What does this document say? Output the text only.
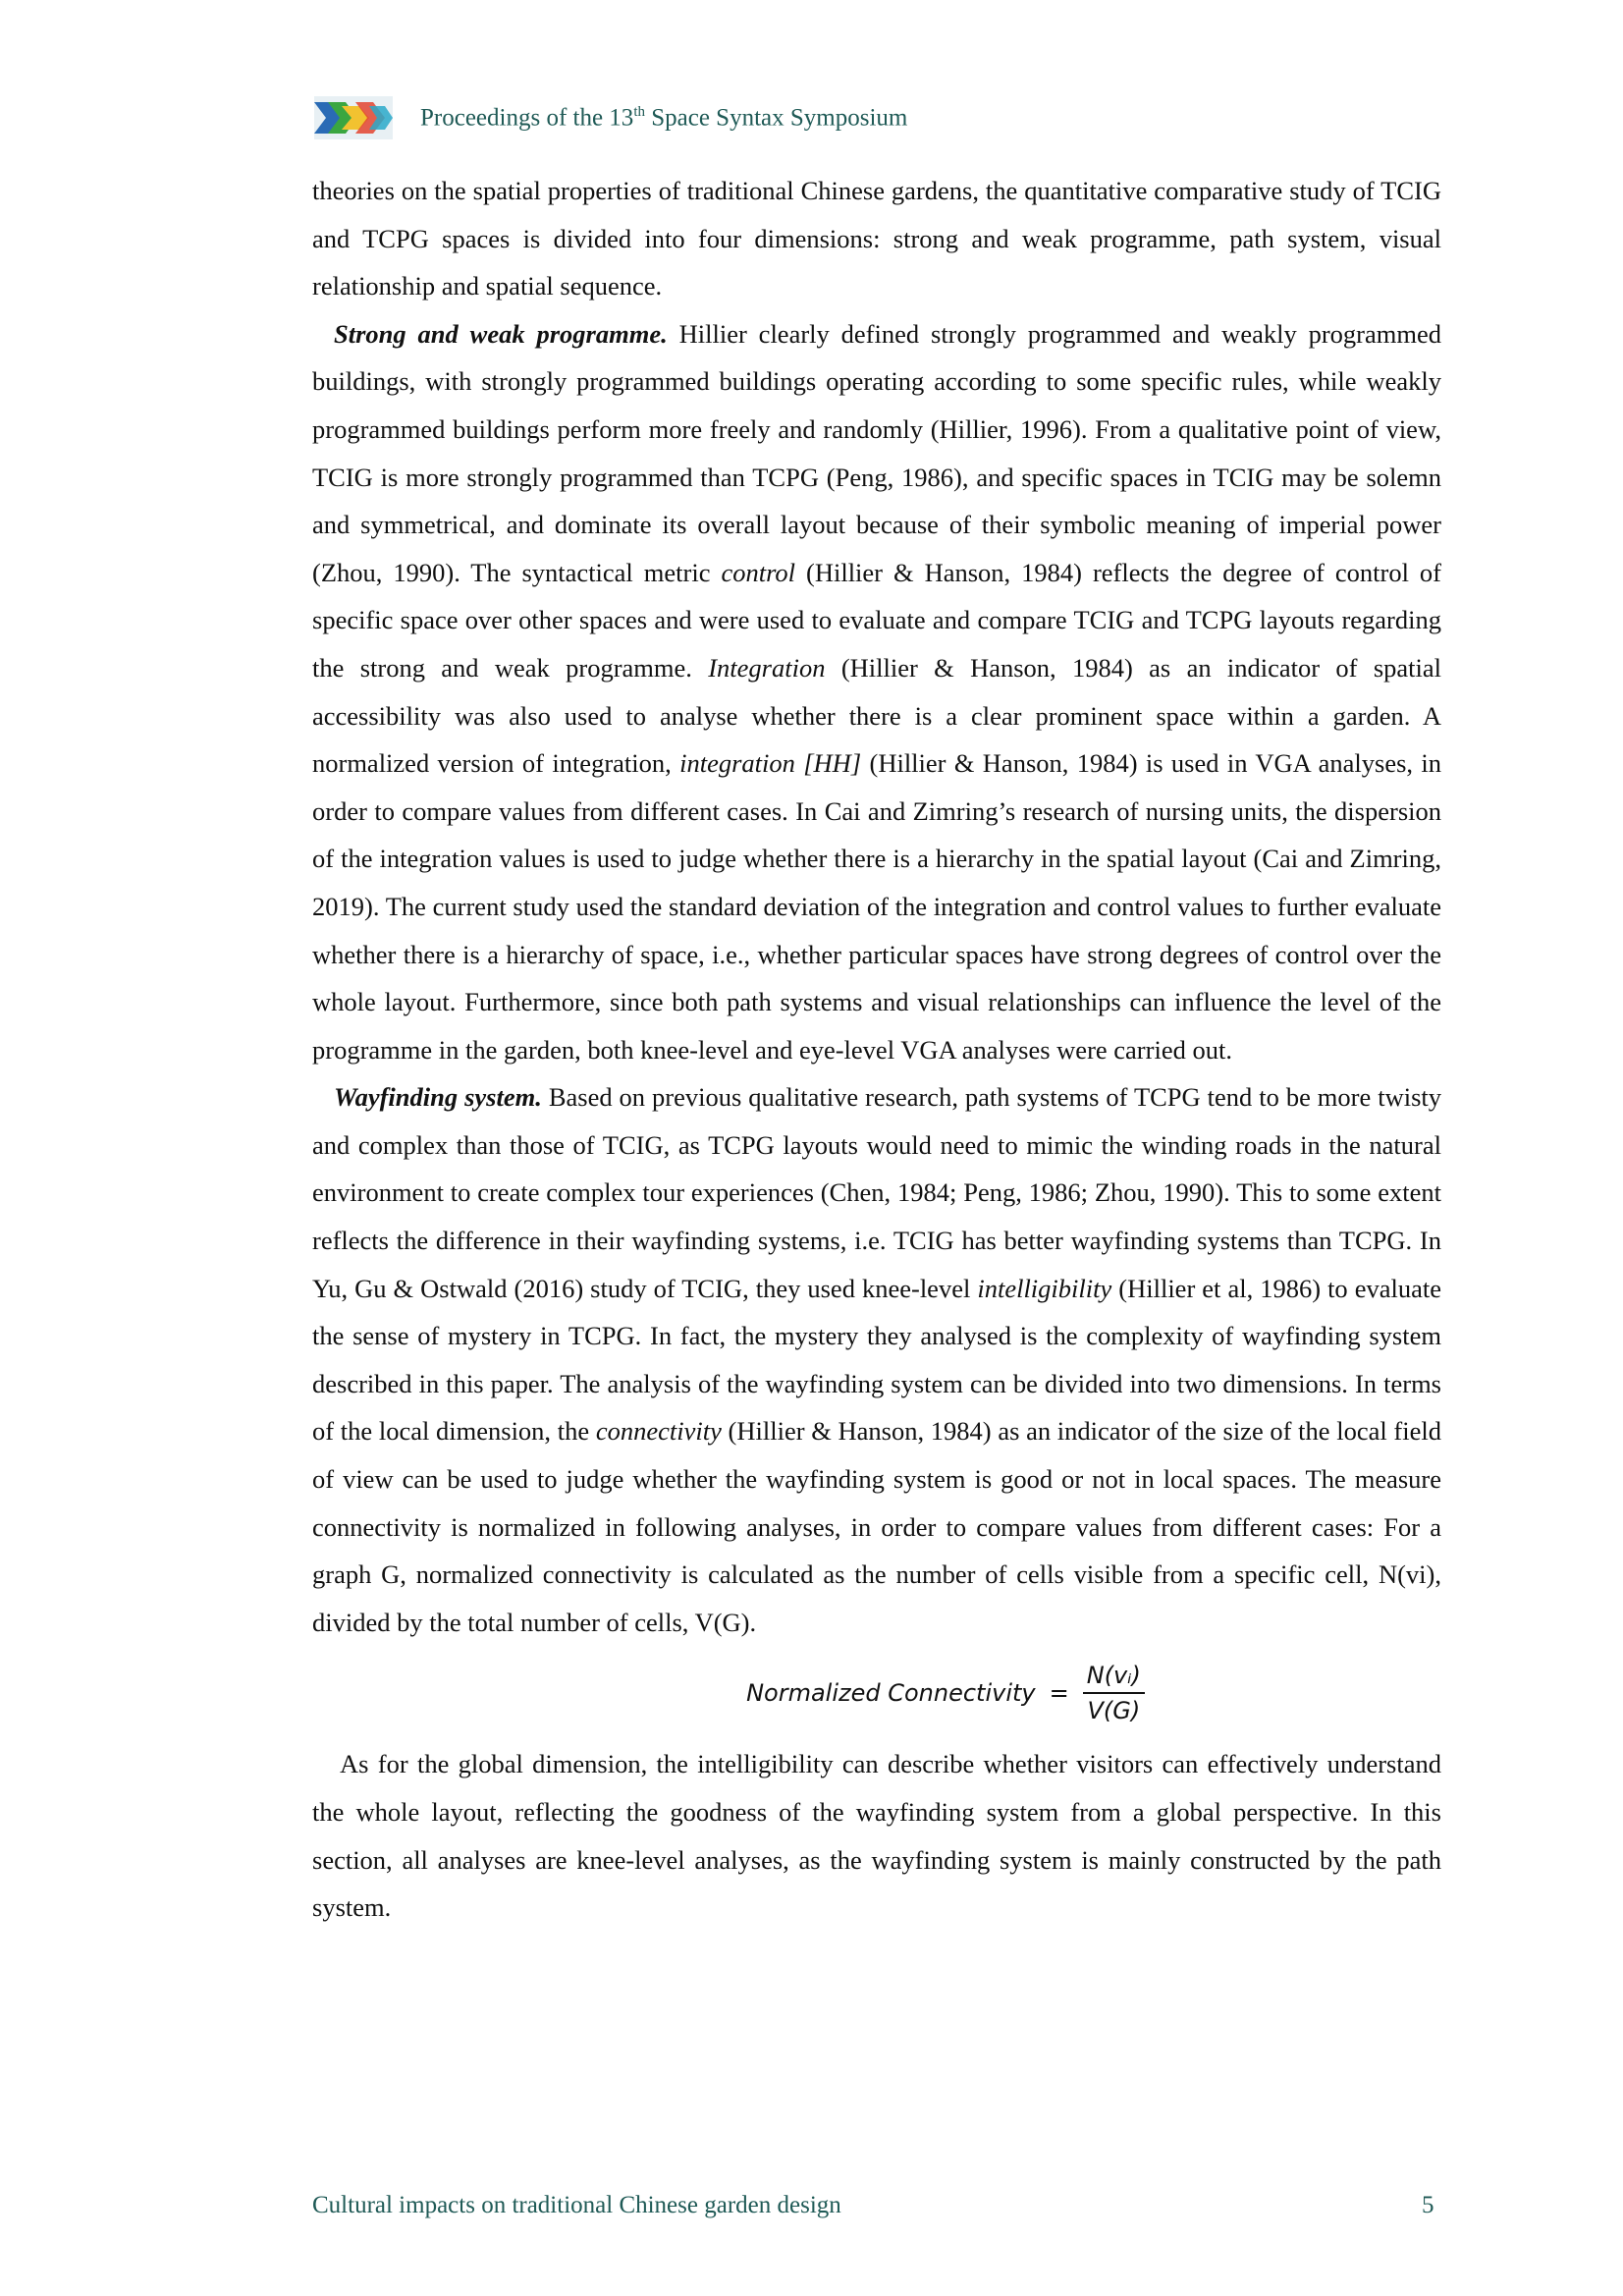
Proceedings of the 13th Space Syntax Symposium

theories on the spatial properties of traditional Chinese gardens, the quantitative comparative study of TCIG and TCPG spaces is divided into four dimensions: strong and weak programme, path system, visual relationship and spatial sequence.

Strong and weak programme. Hillier clearly defined strongly programmed and weakly programmed buildings, with strongly programmed buildings operating according to some specific rules, while weakly programmed buildings perform more freely and randomly (Hillier, 1996). From a qualitative point of view, TCIG is more strongly programmed than TCPG (Peng, 1986), and specific spaces in TCIG may be solemn and symmetrical, and dominate its overall layout because of their symbolic meaning of imperial power (Zhou, 1990). The syntactical metric control (Hillier & Hanson, 1984) reflects the degree of control of specific space over other spaces and were used to evaluate and compare TCIG and TCPG layouts regarding the strong and weak programme. Integration (Hillier & Hanson, 1984) as an indicator of spatial accessibility was also used to analyse whether there is a clear prominent space within a garden. A normalized version of integration, integration [HH] (Hillier & Hanson, 1984) is used in VGA analyses, in order to compare values from different cases. In Cai and Zimring’s research of nursing units, the dispersion of the integration values is used to judge whether there is a hierarchy in the spatial layout (Cai and Zimring, 2019). The current study used the standard deviation of the integration and control values to further evaluate whether there is a hierarchy of space, i.e., whether particular spaces have strong degrees of control over the whole layout. Furthermore, since both path systems and visual relationships can influence the level of the programme in the garden, both knee-level and eye-level VGA analyses were carried out.

Wayfinding system. Based on previous qualitative research, path systems of TCPG tend to be more twisty and complex than those of TCIG, as TCPG layouts would need to mimic the winding roads in the natural environment to create complex tour experiences (Chen, 1984; Peng, 1986; Zhou, 1990). This to some extent reflects the difference in their wayfinding systems, i.e. TCIG has better wayfinding systems than TCPG. In Yu, Gu & Ostwald (2016) study of TCIG, they used knee-level intelligibility (Hillier et al, 1986) to evaluate the sense of mystery in TCPG. In fact, the mystery they analysed is the complexity of wayfinding system described in this paper. The analysis of the wayfinding system can be divided into two dimensions. In terms of the local dimension, the connectivity (Hillier & Hanson, 1984) as an indicator of the size of the local field of view can be used to judge whether the wayfinding system is good or not in local spaces. The measure connectivity is normalized in following analyses, in order to compare values from different cases: For a graph G, normalized connectivity is calculated as the number of cells visible from a specific cell, N(vi), divided by the total number of cells, V(G).

Normalized Connectivity = $\frac{\text{N(vᵢ)}}{V(G)}$

As for the global dimension, the intelligibility can describe whether visitors can effectively understand the whole layout, reflecting the goodness of the wayfinding system from a global perspective. In this section, all analyses are knee-level analyses, as the wayfinding system is mainly constructed by the path system.

Cultural impacts on traditional Chinese garden design	5
